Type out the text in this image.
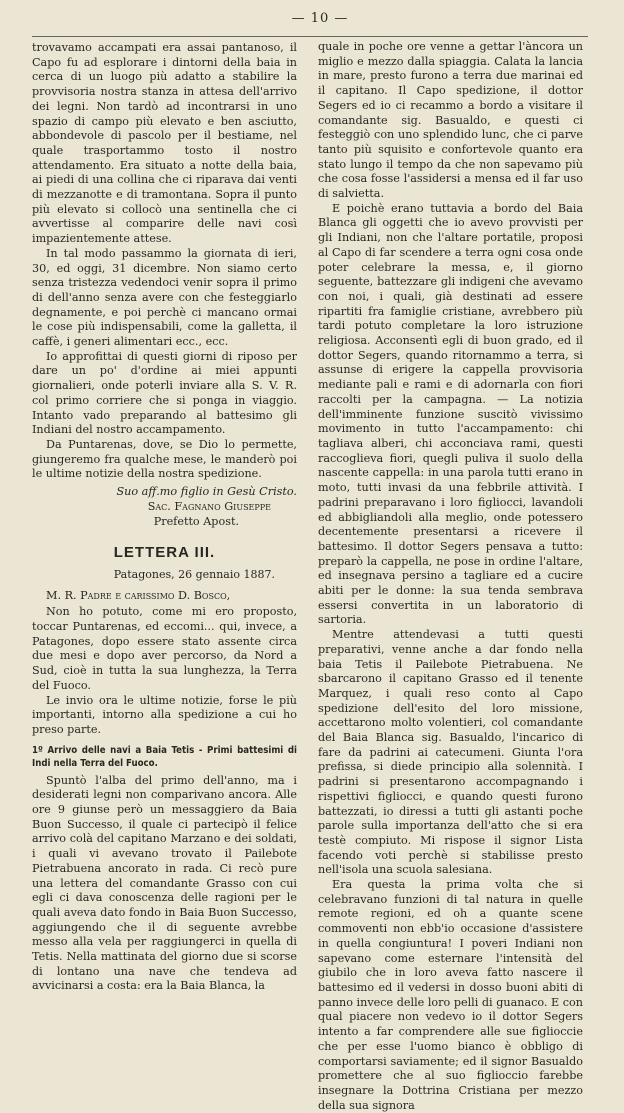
— 10 —

trovavamo accampati era assai pantanoso, il Capo fu ad esplorare i dintorni della baia in cerca di un luogo più adatto a stabilire la provvisoria nostra stanza in attesa dell'arrivo dei legni. Non tardò ad incontrarsi in uno spazio di campo più elevato e ben asciutto, abbondevole di pascolo per il bestiame, nel quale trasportammo tosto il nostro attendamento. Era situato a notte della baia, ai piedi di una collina che ci riparava dai venti di mezzanotte e di tramontana. Sopra il punto più elevato si collocò una sentinella che ci avvertisse al comparire delle navi così impazientemente attese.

In tal modo passammo la giornata di ieri, 30, ed oggi, 31 dicembre. Non siamo certo senza tristezza vedendoci venir sopra il primo di dell'anno senza avere con che festeggiarlo degnamente, e poi perchè ci mancano ormai le cose più indispensabili, come la galletta, il caffè, i generi alimentari ecc., ecc.

Io approfittai di questi giorni di riposo per dare un po' d'ordine ai miei appunti giornalieri, onde poterli inviare alla S. V. R. col primo corriere che si ponga in viaggio. Intanto vado preparando al battesimo gli Indiani del nostro accampamento.

Da Puntarenas, dove, se Dio lo permette, giungeremo fra qualche mese, le manderò poi le ultime notizie della nostra spedizione.

Suo aff.mo figlio in Gesù Cristo.
Sac. Fagnano Giuseppe
Prefetto Apost.
LETTERA III.
Patagones, 26 gennaio 1887.

M. R. Padre e carissimo D. Bosco,

Non ho potuto, come mi ero proposto, toccar Puntarenas, ed eccomi... qui, invece, a Patagones, dopo essere stato assente circa due mesi e dopo aver percorso, da Nord a Sud, cioè in tutta la sua lunghezza, la Terra del Fuoco.

Le invio ora le ultime notizie, forse le più importanti, intorno alla spedizione a cui ho preso parte.

1º Arrivo delle navi a Baia Tetis - Primi battesimi di Indi nella Terra del Fuoco.

Spuntò l'alba del primo dell'anno, ma i desiderati legni non comparivano ancora. Alle ore 9 giunse però un messaggiero da Baia Buon Successo, il quale ci partecipò il felice arrivo colà del capitano Marzano e dei soldati, i quali vi avevano trovato il Pailebote Pietrabuena ancorato in rada. Ci recò pure una lettera del comandante Grasso con cui egli ci dava conoscenza delle ragioni per le quali aveva dato fondo in Baia Buon Successo, aggiungendo che il di seguente avrebbe messo alla vela per raggiungerci in quella di Tetis. Nella mattinata del giorno due si scorse di lontano una nave che tendeva ad avvicinarsi a costa: era la Baia Blanca, la

quale in poche ore venne a gettar l'àncora un miglio e mezzo dalla spiaggia. Calata la lancia in mare, presto furono a terra due marinai ed il capitano. Il Capo spedizione, il dottor Segers ed io ci recammo a bordo a visitare il comandante sig. Basualdo, e questi ci festeggiò con uno splendido lunc, che ci parve tanto più squisito e confortevole quanto era stato lungo il tempo da che non sapevamo più che cosa fosse l'assidersi a mensa ed il far uso di salvietta.

E poichè erano tuttavia a bordo del Baia Blanca gli oggetti che io avevo provvisti per gli Indiani, non che l'altare portatile, proposi al Capo di far scendere a terra ogni cosa onde poter celebrare la messa, e, il giorno seguente, battezzare gli indigeni che avevamo con noi, i quali, già destinati ad essere ripartiti fra famiglie cristiane, avrebbero più tardi potuto completare la loro istruzione religiosa. Acconsentì egli di buon grado, ed il dottor Segers, quando ritornammo a terra, si assunse di erigere la cappella provvisoria mediante pali e rami e di adornarla con fiori raccolti per la campagna. — La notizia dell'imminente funzione suscitò vivissimo movimento in tutto l'accampamento: chi tagliava alberi, chi acconciava rami, questi raccoglieva fiori, quegli puliva il suolo della nascente cappella: in una parola tutti erano in moto, tutti invasi da una febbrile attività. I padrini preparavano i loro figliocci, lavandoli ed abbigliandoli alla meglio, onde potessero decentemente presentarsi a ricevere il battesimo. Il dottor Segers pensava a tutto: preparò la cappella, ne pose in ordine l'altare, ed insegnava persino a tagliare ed a cucire abiti per le donne: la sua tenda sembrava essersi convertita in un laboratorio di sartoria.

Mentre attendevasi a tutti questi preparativi, venne anche a dar fondo nella baia Tetis il Pailebote Pietrabuena. Ne sbarcarono il capitano Grasso ed il tenente Marquez, i quali reso conto al Capo spedizione dell'esito del loro missione, accettarono molto volentieri, col comandante del Baia Blanca sig. Basualdo, l'incarico di fare da padrini ai catecumeni. Giunta l'ora prefissa, si diede principio alla solennità. I padrini si presentarono accompagnando i rispettivi figliocci, e quando questi furono battezzati, io diressi a tutti gli astanti poche parole sulla importanza dell'atto che si era testè compiuto. Mi rispose il signor Lista facendo voti perchè si stabilisse presto nell'isola una scuola salesiana.

Era questa la prima volta che si celebravano funzioni di tal natura in quelle remote regioni, ed oh a quante scene commoventi non ebb'io occasione d'assistere in quella congiuntura! I poveri Indiani non sapevano come esternare l'intensità del giubilo che in loro aveva fatto nascere il battesimo ed il vedersi in dosso buoni abiti di panno invece delle loro pelli di guanaco. E con qual piacere non vedevo io il dottor Segers intento a far comprendere alle sue figlioccie che per esse l'uomo bianco è obbligo di comportarsi saviamente; ed il signor Basualdo promettere che al suo figlioccio farebbe insegnare la Dottrina Cristiana per mezzo della sua signora
